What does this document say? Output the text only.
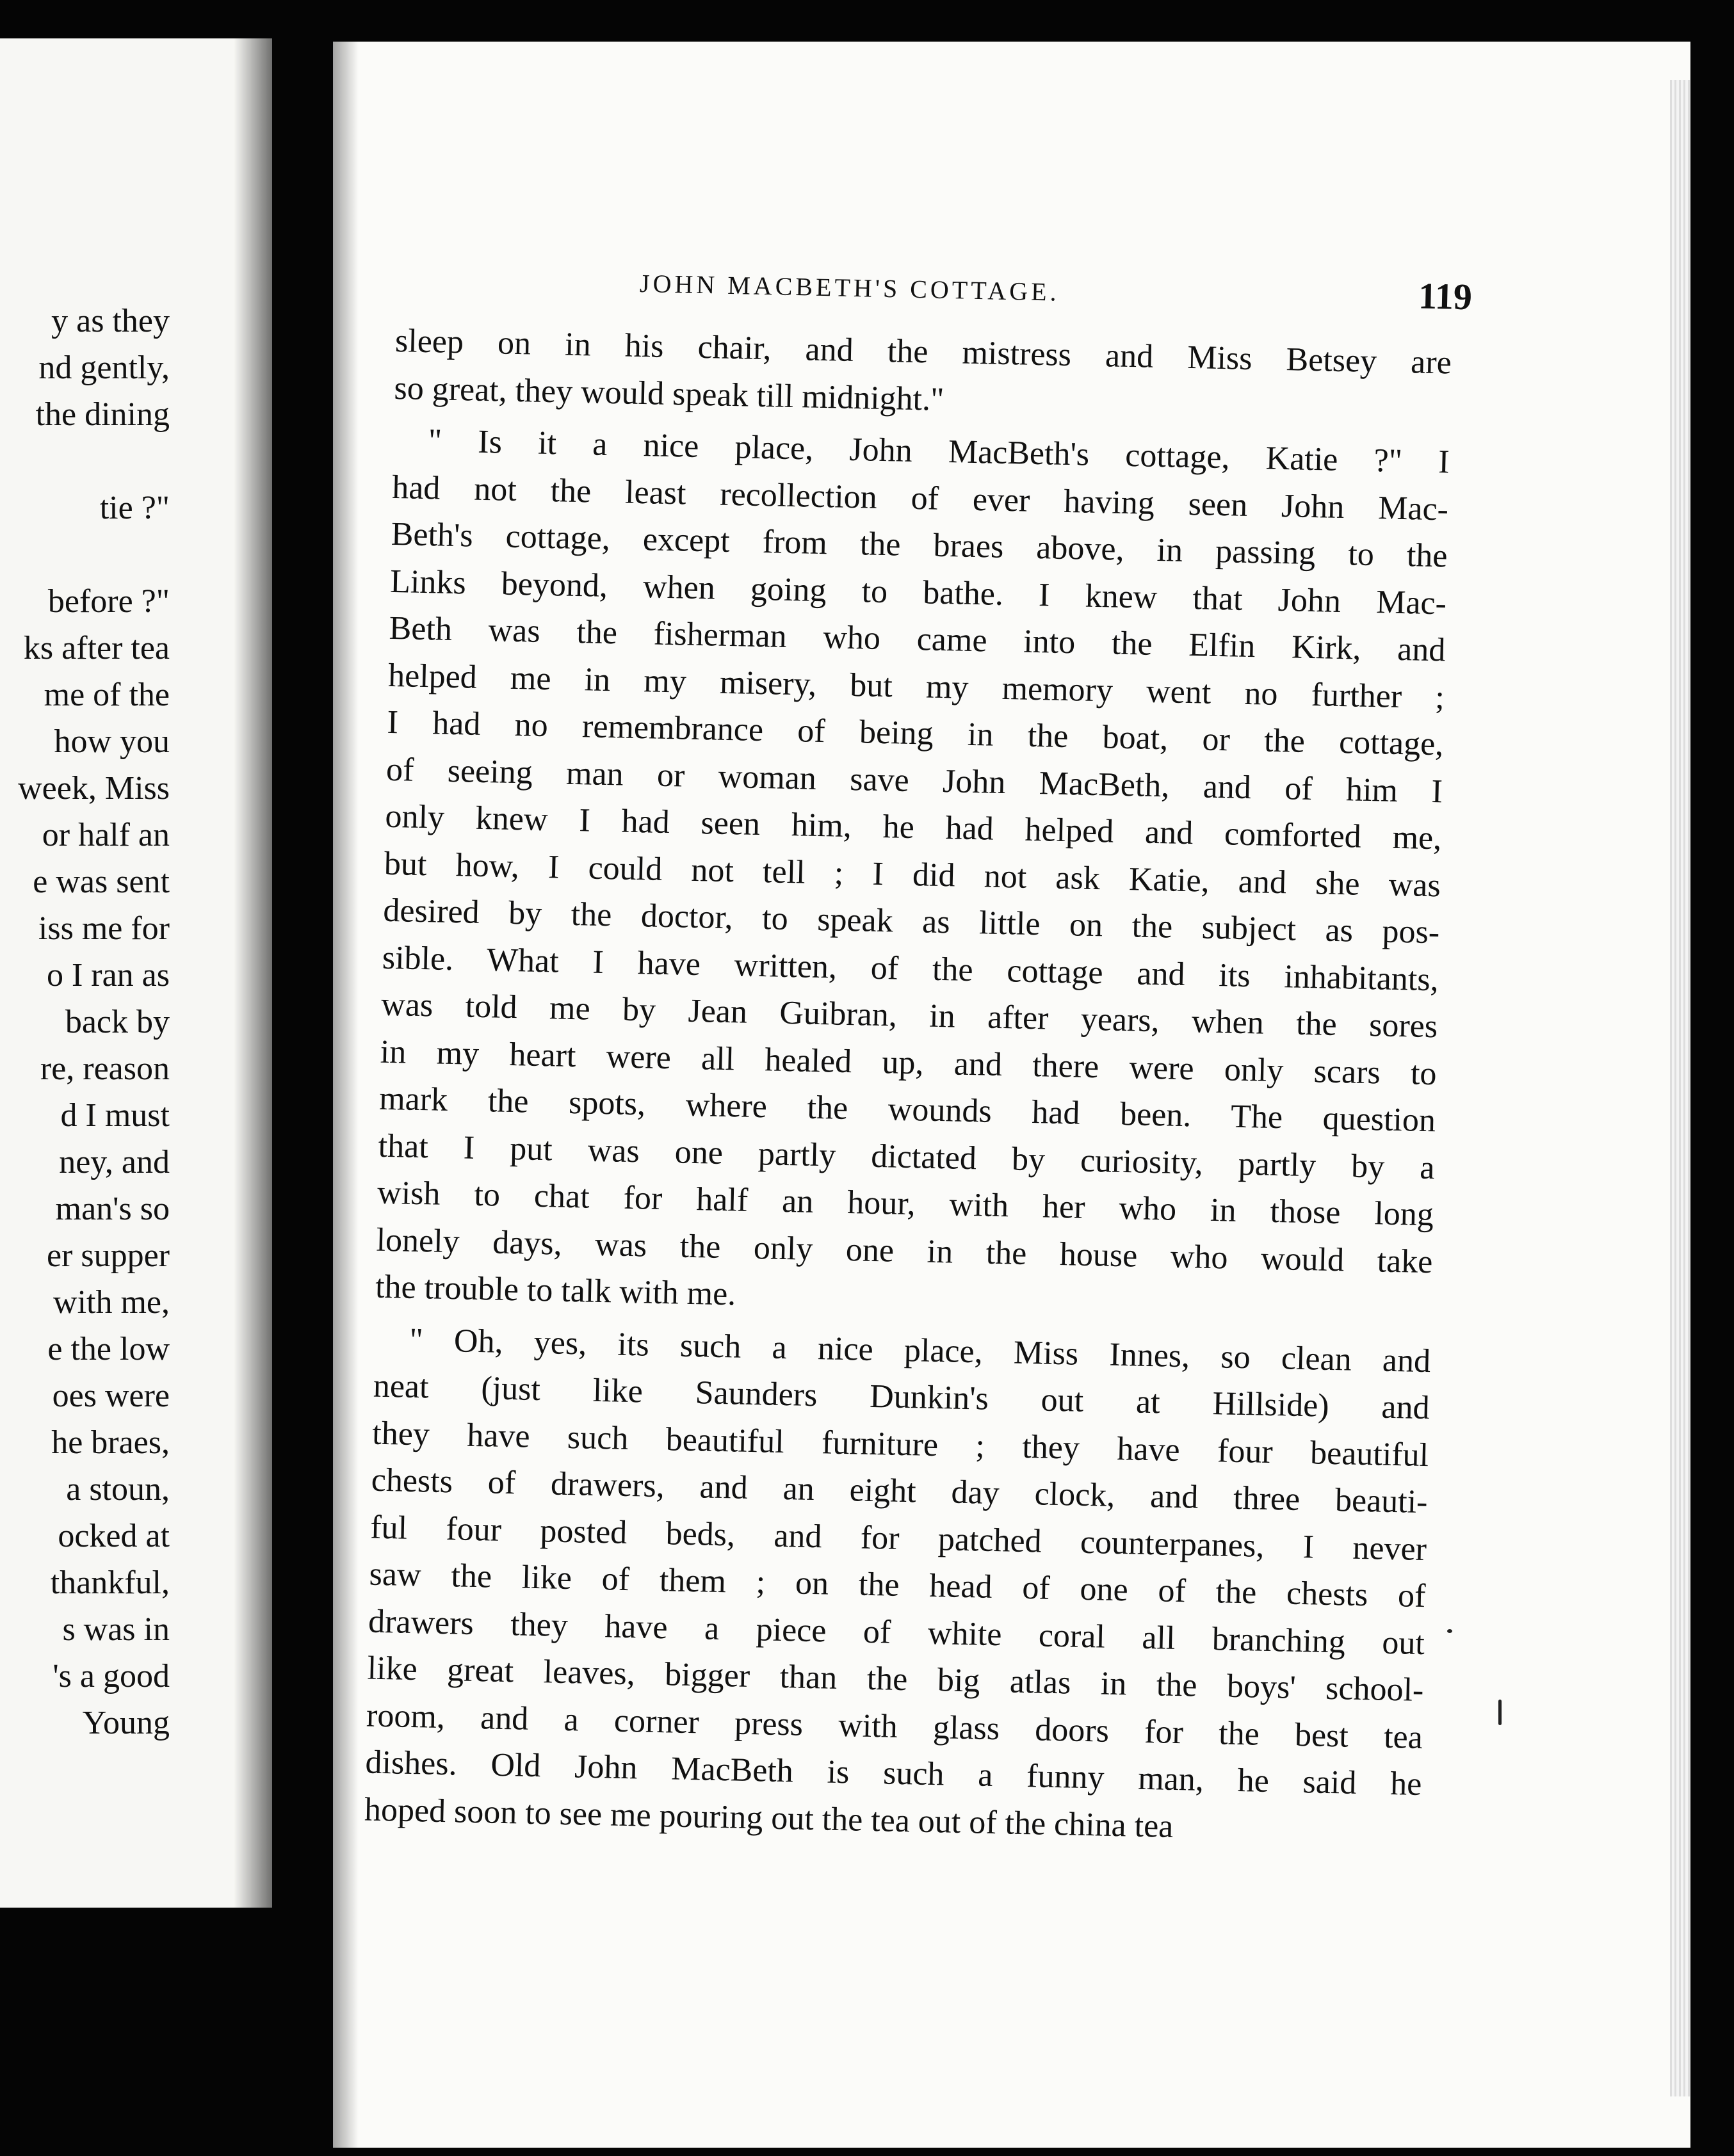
y as they
nd gently,
the dining
tie ?"
before ?"
ks after tea
me of the
how you
week, Miss
or half an
e was sent
iss me for
o I ran as
back by
re, reason
d I must
ney, and
man's so
er supper
with me,
e the low
oes were
he braes,
a stoun,
ocked at
thankful,
s was in
's a good
Young
JOHN MACBETH'S COTTAGE.	119
sleep on in his chair, and the mistress and Miss Betsey are
so great, they would speak till midnight."
" Is it a nice place, John MacBeth's cottage, Katie ?" I
had not the least recollection of ever having seen John Mac-
Beth's cottage, except from the braes above, in passing to the
Links beyond, when going to bathe. I knew that John Mac-
Beth was the fisherman who came into the Elfin Kirk, and
helped me in my misery, but my memory went no further ;
I had no remembrance of being in the boat, or the cottage,
of seeing man or woman save John MacBeth, and of him I
only knew I had seen him, he had helped and comforted me,
but how, I could not tell ; I did not ask Katie, and she was
desired by the doctor, to speak as little on the subject as pos-
sible. What I have written, of the cottage and its inhabitants,
was told me by Jean Guibran, in after years, when the sores
in my heart were all healed up, and there were only scars to
mark the spots, where the wounds had been. The question
that I put was one partly dictated by curiosity, partly by a
wish to chat for half an hour, with her who in those long
lonely days, was the only one in the house who would take
the trouble to talk with me.
" Oh, yes, its such a nice place, Miss Innes, so clean and
neat (just like Saunders Dunkin's out at Hillside) and
they have such beautiful furniture ; they have four beautiful
chests of drawers, and an eight day clock, and three beauti-
ful four posted beds, and for patched counterpanes, I never
saw the like of them ; on the head of one of the chests of
drawers they have a piece of white coral all branching out
like great leaves, bigger than the big atlas in the boys' school-
room, and a corner press with glass doors for the best tea
dishes. Old John MacBeth is such a funny man, he said he
hoped soon to see me pouring out the tea out of the china tea
